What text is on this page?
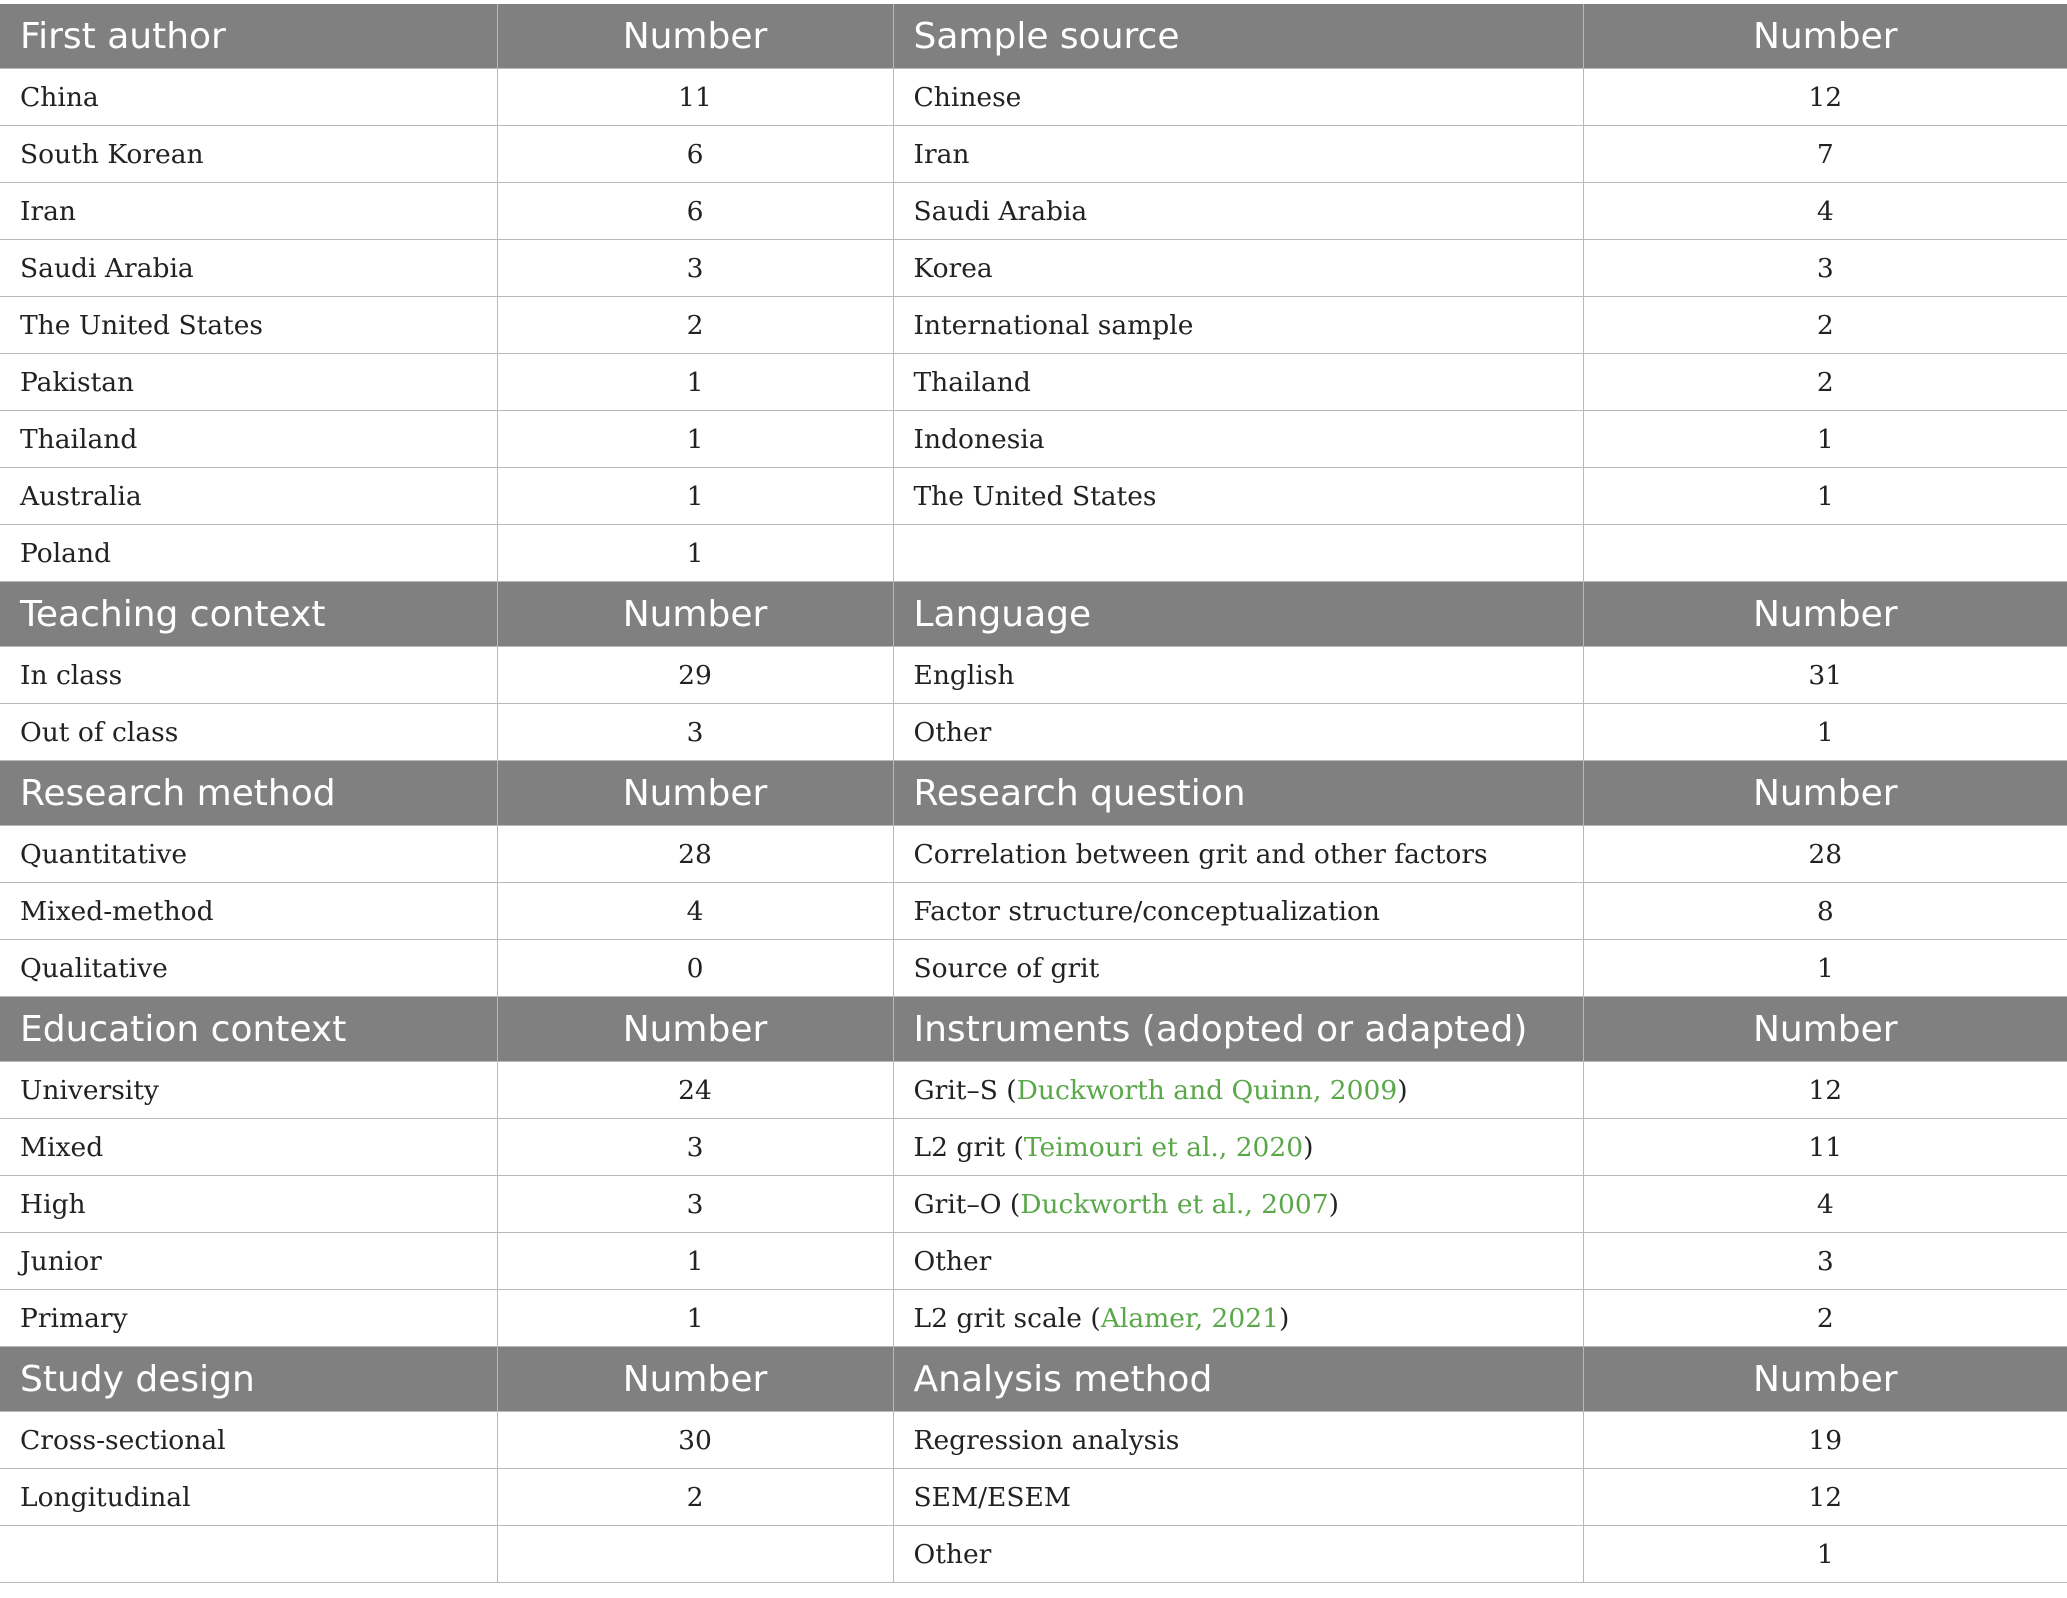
First author	Number	Sample source	Number
China	11	Chinese	12
South Korean	6	Iran	7
Iran	6	Saudi Arabia	4
Saudi Arabia	3	Korea	3
The United States	2	International sample	2
Pakistan	1	Thailand	2
Thailand	1	Indonesia	1
Australia	1	The United States	1
Poland	1		
Teaching context	Number	Language	Number
In class	29	English	31
Out of class	3	Other	1
Research method	Number	Research question	Number
Quantitative	28	Correlation between grit and other factors	28
Mixed-method	4	Factor structure/conceptualization	8
Qualitative	0	Source of grit	1
Education context	Number	Instruments (adopted or adapted)	Number
University	24	Grit–S (Duckworth and Quinn, 2009)	12
Mixed	3	L2 grit (Teimouri et al., 2020)	11
High	3	Grit–O (Duckworth et al., 2007)	4
Junior	1	Other	3
Primary	1	L2 grit scale (Alamer, 2021)	2
Study design	Number	Analysis method	Number
Cross-sectional	30	Regression analysis	19
Longitudinal	2	SEM/ESEM	12
		Other	1
